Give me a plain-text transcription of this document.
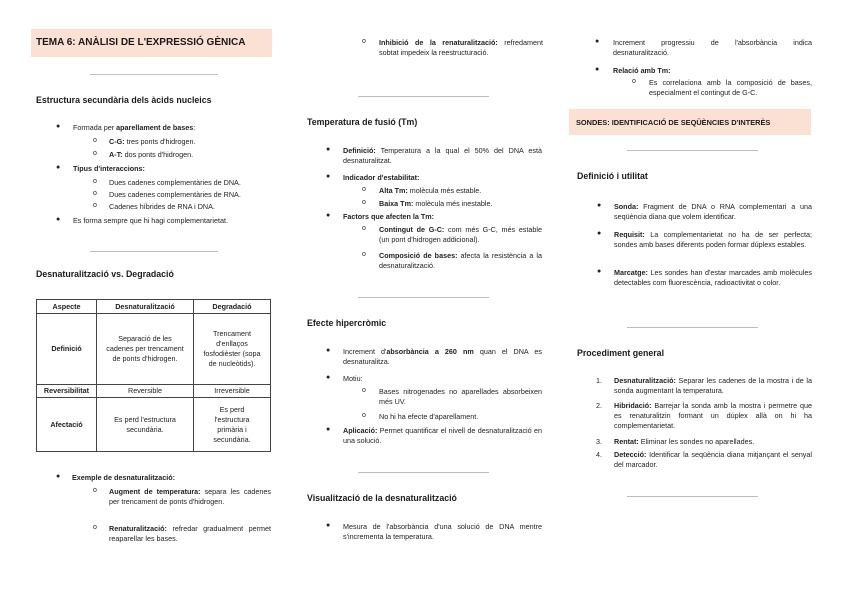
TEMA 6: ANÀLISI DE L'EXPRESSIÓ GÈNICA
Estructura secundària dels àcids nucleics
● Formada per aparellament de bases:
o C-G: tres ponts d'hidrogen.
o A-T: dos ponts d'hidrogen.
● Tipus d'interaccions:
o Dues cadenes complementàries de DNA.
o Dues cadenes complementàries de RNA.
o Cadenes híbrides de RNA i DNA.
● Es forma sempre que hi hagi complementarietat.
Desnaturalització vs. Degradació
Aspecte	Desnaturalització	Degradació
Definició	Separació de les cadenes per trencament de ponts d'hidrogen.	Trencament d'enllaços fosfodièster (sopa de nucleòtids).
Reversibilitat	Reversible	Irreversible
Afectació	Es perd l'estructura secundària.	Es perd l'estructura primària i secundària.
● Exemple de desnaturalització:
o Augment de temperatura: separa les cadenes per trencament de ponts d'hidrogen.
o Renaturalització: refredar gradualment permet reaparellar les bases.
o Inhibició de la renaturalització: refredament sobtat impedeix la reestructuració.
Temperatura de fusió (Tm)
● Definició: Temperatura a la qual el 50% del DNA està desnaturalitzat.
● Indicador d'estabilitat:
o Alta Tm: molècula més estable.
o Baixa Tm: molècula més inestable.
● Factors que afecten la Tm:
o Contingut de G-C: com més G-C, més estable (un pont d'hidrogen addicional).
o Composició de bases: afecta la resistència a la desnaturalització.
Efecte hipercròmic
● Increment d'absorbància a 260 nm quan el DNA es desnaturalitza.
● Motiu:
o Bases nitrogenades no aparellades absorbeixen més UV.
o No hi ha efecte d'aparellament.
● Aplicació: Permet quantificar el nivell de desnaturalització en una solució.
Visualització de la desnaturalització
● Mesura de l'absorbància d'una solució de DNA mentre s'incrementa la temperatura.
● Increment progressiu de l'absorbància indica desnaturalització.
● Relació amb Tm:
o Es correlaciona amb la composició de bases, especialment el contingut de G-C.
SONDES: IDENTIFICACIÓ DE SEQÜÈNCIES D'INTERÈS
Definició i utilitat
● Sonda: Fragment de DNA o RNA complementari a una seqüència diana que volem identificar.
● Requisit: La complementarietat no ha de ser perfecta; sondes amb bases diferents poden formar dúplexs estables.
● Marcatge: Les sondes han d'estar marcades amb molècules detectables com fluorescència, radioactivitat o color.
Procediment general
1. Desnaturalització: Separar les cadenes de la mostra i de la sonda augmentant la temperatura.
2. Hibridació: Barrejar la sonda amb la mostra i permetre que es renaturalitzin formant un dúplex allà on hi ha complementarietat.
3. Rentat: Eliminar les sondes no aparellades.
4. Detecció: Identificar la seqüència diana mitjançant el senyal del marcador.
